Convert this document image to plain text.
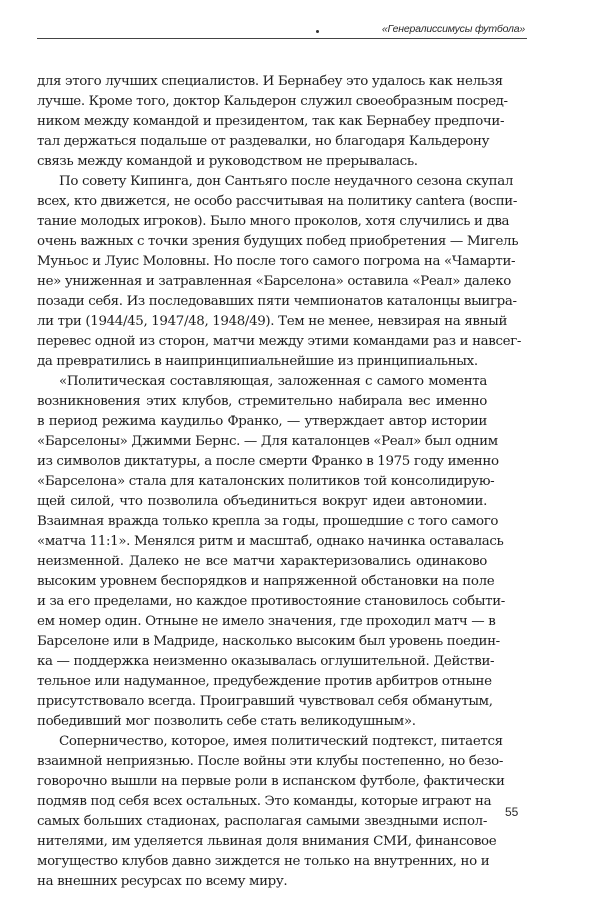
«Генералиссимусы футбола»
для этого лучших специалистов. И Бернабеу это удалось как нельзя
лучше. Кроме того, доктор Кальдерон служил своеобразным посред-
ником между командой и президентом, так как Бернабеу предпочи-
тал держаться подальше от раздевалки, но благодаря Кальдерону
связь между командой и руководством не прерывалась.
По совету Кипинга, дон Сантьяго после неудачного сезона скупал
всех, кто движется, не особо рассчитывая на политику cantera (воспи-
тание молодых игроков). Было много проколов, хотя случились и два
очень важных с точки зрения будущих побед приобретения — Мигель
Муньос и Луис Моловны. Но после того самого погрома на «Чамарти-
не» униженная и затравленная «Барселона» оставила «Реал» далеко
позади себя. Из последовавших пяти чемпионатов каталонцы выигра-
ли три (1944/45, 1947/48, 1948/49). Тем не менее, невзирая на явный
перевес одной из сторон, матчи между этими командами раз и навсег-
да превратились в наипринципиальнейшие из принципиальных.
«Политическая составляющая, заложенная с самого момента
возникновения этих клубов, стремительно набирала вес именно
в период режима каудильо Франко, — утверждает автор истории
«Барселоны» Джимми Бернс. — Для каталонцев «Реал» был одним
из символов диктатуры, а после смерти Франко в 1975 году именно
«Барселона» стала для каталонских политиков той консолидирую-
щей силой, что позволила объединиться вокруг идеи автономии.
Взаимная вражда только крепла за годы, прошедшие с того самого
«матча 11:1». Менялся ритм и масштаб, однако начинка оставалась
неизменной. Далеко не все матчи характеризовались одинаково
высоким уровнем беспорядков и напряженной обстановки на поле
и за его пределами, но каждое противостояние становилось событи-
ем номер один. Отныне не имело значения, где проходил матч — в
Барселоне или в Мадриде, насколько высоким был уровень поедин-
ка — поддержка неизменно оказывалась оглушительной. Действи-
тельное или надуманное, предубеждение против арбитров отныне
присутствовало всегда. Проигравший чувствовал себя обманутым,
победивший мог позволить себе стать великодушным».
Соперничество, которое, имея политический подтекст, питается
взаимной неприязнью. После войны эти клубы постепенно, но безо-
говорочно вышли на первые роли в испанском футболе, фактически
подмяв под себя всех остальных. Это команды, которые играют на
самых больших стадионах, располагая самыми звездными испол-
нителями, им уделяется львиная доля внимания СМИ, финансовое
могущество клубов давно зиждется не только на внутренних, но и
на внешних ресурсах по всему миру.
55
